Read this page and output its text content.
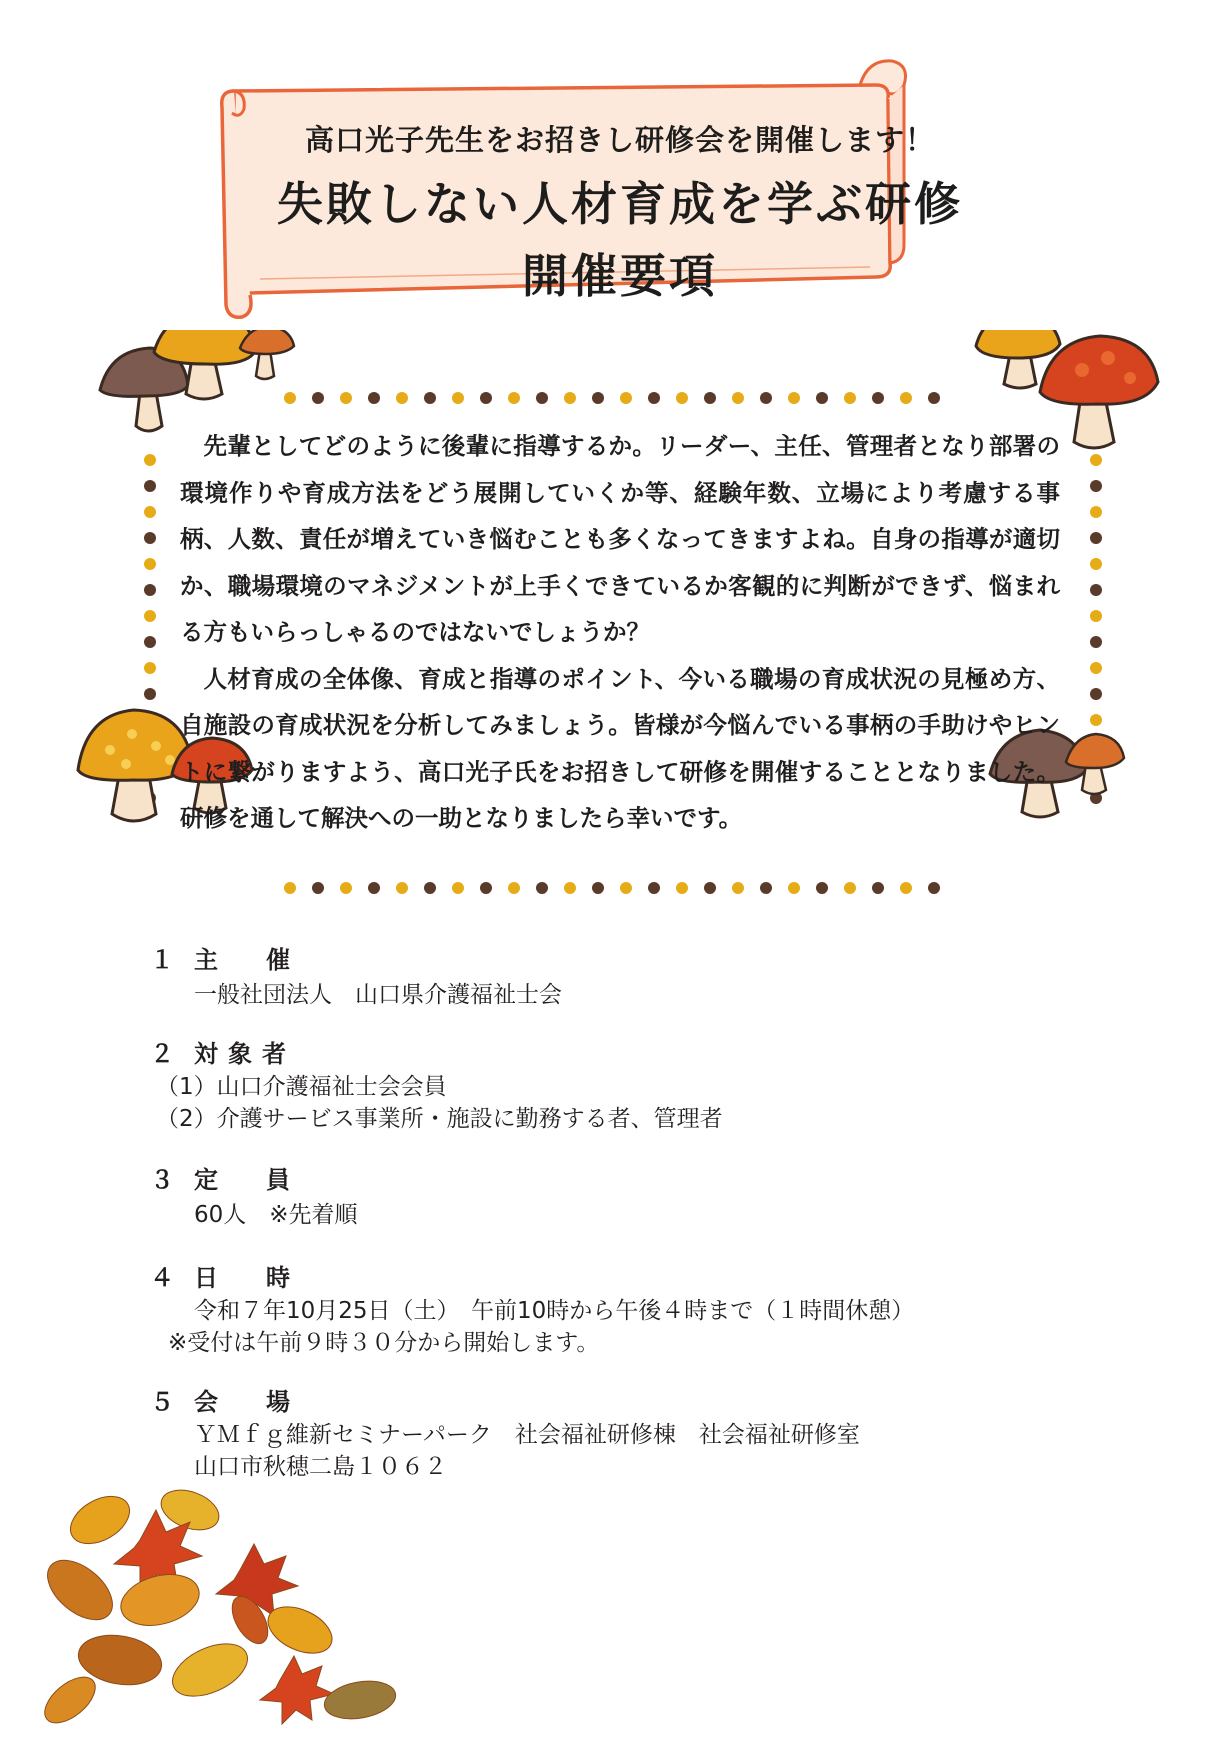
高口光子先生をお招きし研修会を開催します！
失敗しない人材育成を学ぶ研修
開催要項

先輩としてどのように後輩に指導するか。リーダー、主任、管理者となり部署の環境作りや育成方法をどう展開していくか等、経験年数、立場により考慮する事柄、人数、責任が増えていき悩むことも多くなってきますよね。自身の指導が適切か、職場環境のマネジメントが上手くできているか客観的に判断ができず、悩まれる方もいらっしゃるのではないでしょうか？

人材育成の全体像、育成と指導のポイント、今いる職場の育成状況の見極め方、自施設の育成状況を分析してみましょう。皆様が今悩んでいる事柄の手助けやヒントに繋がりますよう、高口光子氏をお招きして研修を開催することとなりました。研修を通して解決への一助となりましたら幸いです。

１ 主催
一般社団法人　山口県介護福祉士会
２ 対象者
（1）山口介護福祉士会会員
（2）介護サービス事業所・施設に勤務する者、管理者
３ 定員
60人　※先着順
４ 日時
令和７年10月25日（土）　午前10時から午後４時まで（１時間休憩）
※受付は午前９時３０分から開始します。
５ 会場
ＹＭｆｇ維新セミナーパーク　社会福祉研修棟　社会福祉研修室
山口市秋穂二島１０６２
